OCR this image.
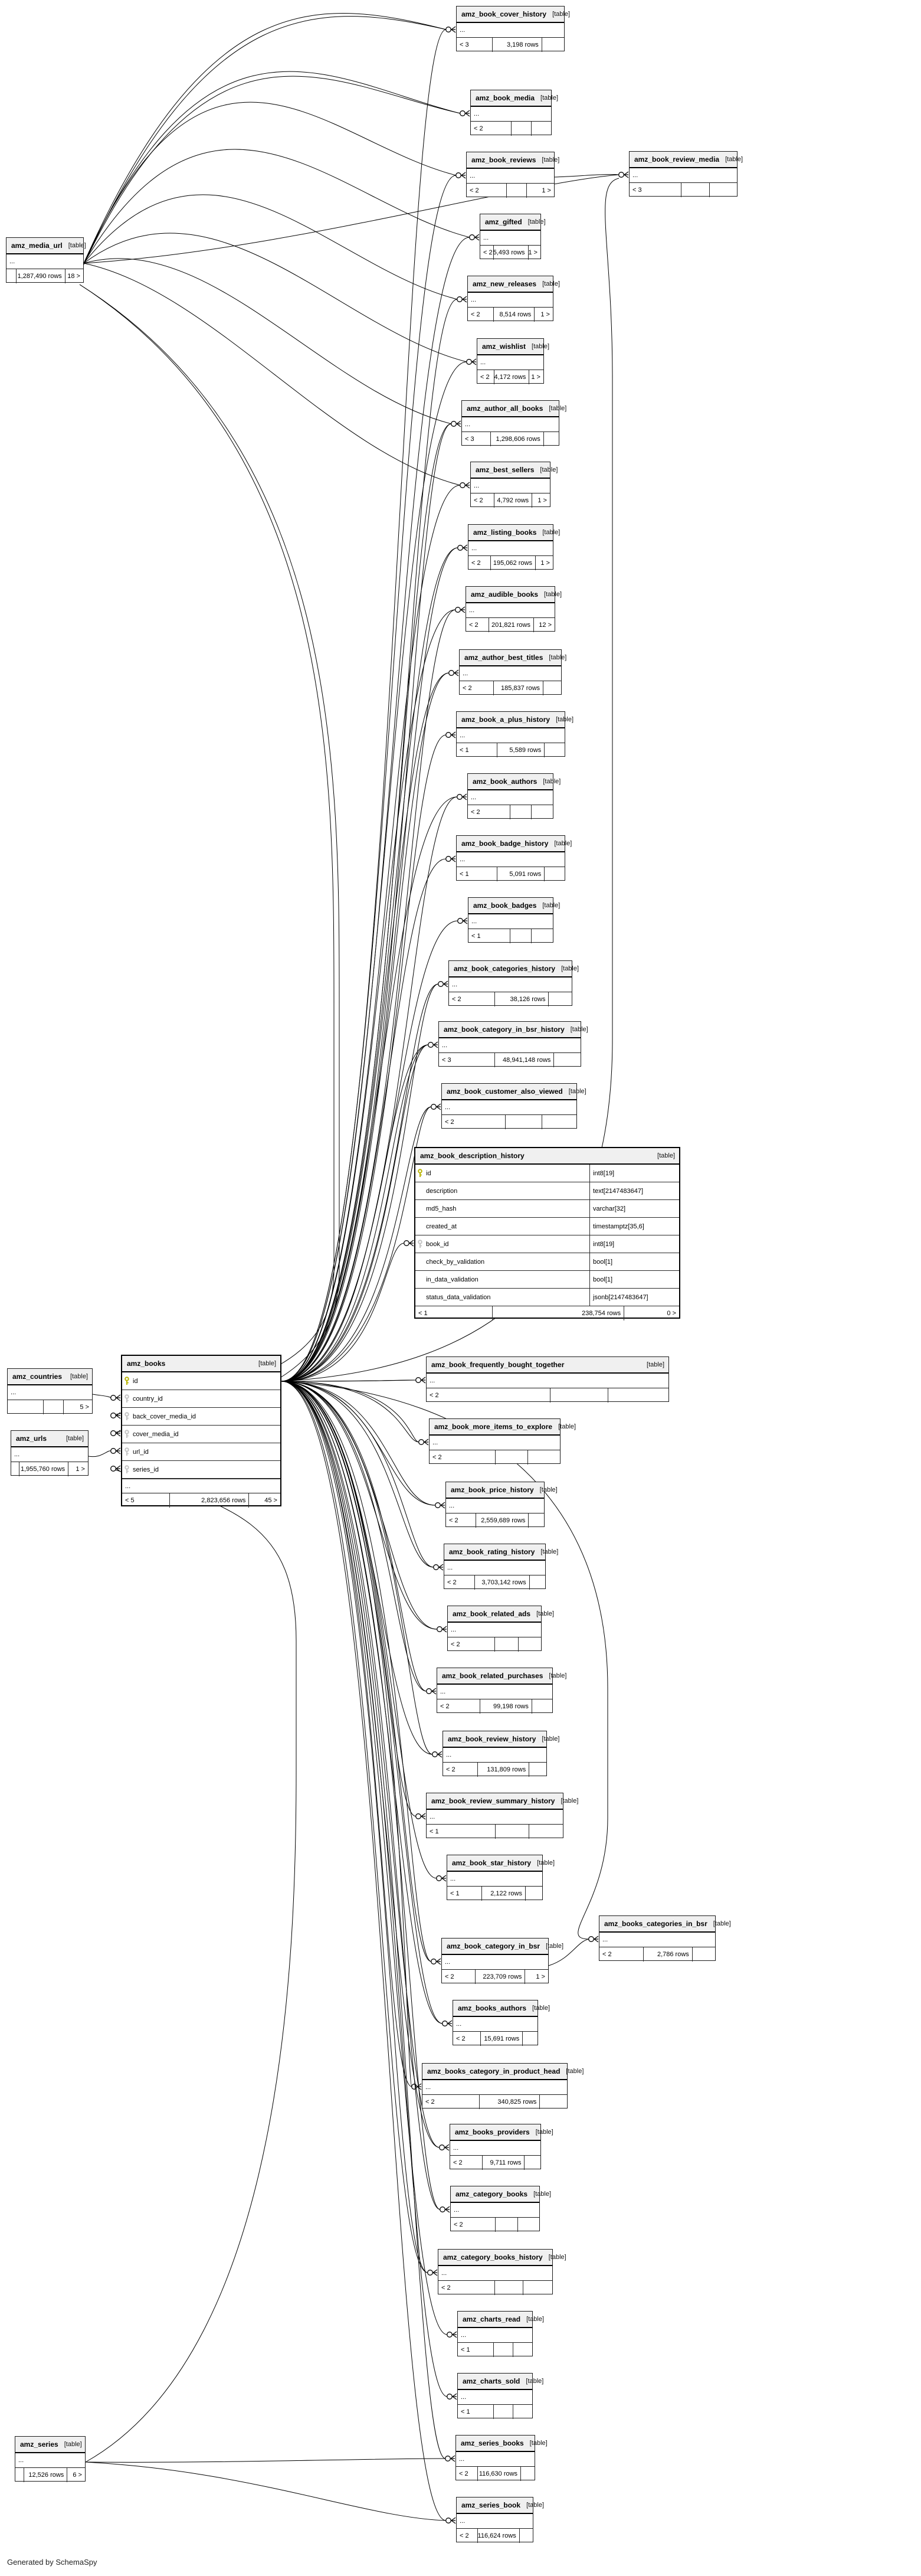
amz_media_url [table]
...
1,287,490 rows 18 >
amz_book_cover_history [table]
...
< 3	3,198 rows
amz_book_media [table]
...
< 2
amz_book_reviews [table]
...
< 2	1 >
amz_book_review_media [table]
...
< 3
amz_gifted [table]
...
< 2 5,493 rows 1 >
amz_new_releases [table]
...
< 2	8,514 rows	1 >
amz_wishlist [table]
...
< 2 4,172 rows 1 >
amz_author_all_books [table]
...
< 3	1,298,606 rows
amz_best_sellers [table]
...
< 2	4,792 rows	1 >
amz_listing_books [table]
...
< 2	195,062 rows	1 >
amz_audible_books [table]
...
< 2	201,821 rows	12 >
amz_author_best_titles [table]
...
< 2	185,837 rows
amz_book_a_plus_history [table]
...
< 1	5,589 rows
amz_book_authors [table]
...
< 2
amz_book_badge_history [table]
...
< 1	5,091 rows
amz_book_badges [table]
...
< 1
amz_book_categories_history [table]
...
< 2	38,126 rows
amz_book_category_in_bsr_history [table]
...
< 3	48,941,148 rows
amz_book_customer_also_viewed [table]
...
< 2
amz_book_description_history	[table]
id	int8[19]
description	text[2147483647]
md5_hash	varchar[32]
created_at	timestamptz[35,6]
book_id	int8[19]
check_by_validation	bool[1]
in_data_validation	bool[1]
status_data_validation	jsonb[2147483647]
< 1	238,754 rows	0 >
amz_books	[table]
id
country_id
back_cover_media_id
cover_media_id
url_id
series_id
...
< 5	2,823,656 rows	45 >
amz_countries [table]
...
5 >
amz_urls	[table]
...
1,955,760 rows	1 >
amz_book_frequently_bought_together	[table]
...
< 2
amz_book_more_items_to_explore [table]
...
< 2
amz_book_price_history [table]
...
< 2	2,559,689 rows
amz_book_rating_history [table]
...
< 2	3,703,142 rows
amz_book_related_ads [table]
...
< 2
amz_book_related_purchases [table]
...
< 2	99,198 rows
amz_book_review_history [table]
...
< 2	131,809 rows
amz_book_review_summary_history [table]
...
< 1
amz_book_star_history [table]
...
< 1	2,122 rows
amz_book_category_in_bsr [table]
...
< 2	223,709 rows	1 >
amz_books_categories_in_bsr [table]
...
< 2	2,786 rows
amz_books_authors [table]
...
< 2	15,691 rows
amz_books_category_in_product_head [table]
...
< 2	340,825 rows
amz_books_providers [table]
...
< 2	9,711 rows
amz_category_books [table]
...
< 2
amz_category_books_history [table]
...
< 2
amz_charts_read [table]
...
< 1
amz_charts_sold [table]
...
< 1
amz_series_books [table]
...
< 2	116,630 rows
amz_series_book [table]
...
< 2	116,624 rows
amz_series [table]
...
12,526 rows	6 >
Generated by SchemaSpy
